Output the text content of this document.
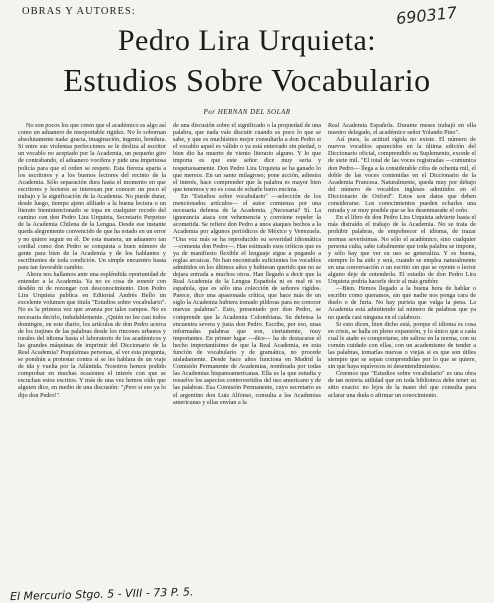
OBRAS Y AUTORES:	690317
Pedro Lira Urquieta:
Estudios Sobre Vocabulario
Por HERNAN DEL SOLAR

No son pocos los que creen que el académico es algo así como un aduanero de insoportable rigidez. No lo sobornan absolutamente nada: gracia, imaginación, ingenio, hondura. Si entre sus violentas perfecciones se le desliza al escritor un vocablo no aceptado por la Academia, un pequeño giro de contrabando, el aduanero vocifera y pide una impetuosa policía para que el orden se respete. Esta fiereza aparta a los escritores y a los buenos lectores del recinto de la Academia. Sólo separación dura hasta el momento en que escritores y lectores se interesan por conocer un poco el trabajo y la significación de la Academia. No puede durar, desde luego, tiempo ajeno afiliado a la buena lectura o un literato bienintencionado se topa en cualquier recodo del camino con don Pedro Lira Urquieta, Secretario Perpetuo de la Academia Chilena de la Lengua. Desde ese instante queda alegremente convencido de que ha estado en un error y no quiere seguir en él. De esta manera, un aduanero tan cordial como don Pedro se conquista a buen número de gente para bien de la Academia y de los hablantes y escribientes de toda condición. Un simple encuentro basta para tan favorable cambio.

Ahora nos hallamos ante una espléndida oportunidad de entender a la Academia. Ya no es cosa de sonreír con desdén ni de rezongar con desconocimiento. Don Pedro Lira Urquieta publica en Editorial Andrés Bello un excelente volumen que titula "Estudios sobre vocabulario". No es la primera vez que avanza por tales campos. No es necesaria decirlo, indudablemente. ¿Quién no lee casi todos domingos, en este diario, los artículos de don Pedro acerca de los trajines de las palabras desde los rincones urbanos y rurales del idioma hasta el laboratorio de los académicos y las grandes máquinas de imprimir del Diccionario de la Real Academia? Poquísimas personas, al ver esta pregunta, se pondrán a protestar contra sí se les hablara de un viaje de ida y vuelta por la Atlántida. Nosotros hemos podido comprobar en muchas ocasiones el interés con que se escuchan estos escritos. Y más de una vez hemos oído que alguien dice, en medio de una discusión: "¡Pero si eso ya lo dijo don Pedro!".

de una discusión sobre el significado o la propiedad de una palabra, que nada vale discutir cuando es poco lo que se sabe, y que es muchísimo mejor consultarla a don Pedro si el vocablo aquel es válido o ya está enterrado sin piedad, o bien dio ha muerto de viento literario alguno. Y lo que importa es que este señor dice muy seria y respetuosamente. Don Pedro Lira Urquieta se ha ganado lo que merece. En un santo milagroso; pone acción, adiestra el interés, hace comprender que la palabra es mayor bien que tenemos y no es cosa de echarle barro encima.

En "Estudios sobre vocabulario" —selección de los mencionados artículos— el autor comienza por una necesaria defensa de la Academia. ¿Necesaria? Sí. La ignorancia ataca con vehemencia y conviene repeler la acometida. Se refiere don Pedro a unos ataques hechos a la Academia por algunos periódicos de México y Venezuela. "Una voz más se ha reproducido su severidad idiomática —comenta don Pedro—. Han estimado esos críticos que es ya de manifiesto flexible el lenguaje sigue a pegando a reglas arcaicas. No han encontrado suficientes los vocablos admitidos en los últimos años y hubieran querido que no se dejara entrada a muchos otros. Han llegado a decir que la Real Academia de la Lengua Española ni es real ni es española, que es sólo una colección de señores rígidos. Parece, dice una apasionada crítica, que hace más de un siglo la Academia hubiera tomado pildoras para no conocer nuevas palabras". Esto, presentado por don Pedro, se comprende que la Academia Colombiana. Su defensa la encuentra severa y justa don Pedro. Escribe, por eso, unas informadas palabras que son, ciertamente, muy importantes. En primer lugar —dice— ha de destacarse el hecho importantísimo de que la Real Academia, en esta función de vocabulario y de gramática, no procede aisladamente. Desde hace años funciona en Madrid la Comisión Permanente de Academias, nombrada por todas las Academias hispanoamericanas. Ella es la que estudia y resuelve los aspectos controvertidos del uso americano y de las palabras. Esa Comisión Permanente, cuyo secretario es el argentino don Luis Alfonso, consulta a las Academias americanas y ellas envían a la

Real Academia Española. Durante meses trabajó en ella nuestro delegado, el académico señor Yolando Pino".

Así pues, la actitud rígida no existe. El número de nuevos vocablos aparecidos en la última edición del Diccionario oficial, comprendido su Suplemento, excede el de siete mil. "El total de las voces registradas —comunica don Pedro— llega a la considerable cifra de ochenta mil, el doble de las voces contenidas en el Diccionario de la Academia Francesa. Naturalmente, queda muy por debajo del número de vocablos ingleses admitidos en el Diccionario de Oxford". Estos son datos que deben considerarse. Los conocimientos pueden echarles una mirada y se muy posible que se les desenmarañe el ceño.

En el libro de don Pedro Lira Urquieta advierte hasta el más distraído el trabajo de la Academia. No se trata de prohibir palabras, de empobrecer el idioma, de trazar normas severísimas. No sólo el académico, sino cualquier persona culta, sabe cabalmente que toda palabra se impone, y sólo hay que ver su uso se generaliza. Y es buena, siempre lo ha sido y será, cuando se emplea naturalmente en una conversación o un escrito sin que se oyente o lector alguno deje de entenderla. El estudio de don Pedro Lira Urquieta podría hacerle decir al más gruñón:

—Bien. Hemos llegado a la buena hora de hablar o escribir como queramos, sin que nadie nos ponga cara de duelo o de furia. No hay purista que valga la pena. La Academia está admitiendo tal número de palabras que ya no queda casi ninguna en el calabozo.

Si esto dicen, bien dicho está, porque el idioma es cosa en crisis, se halla en pleno expansión, y lo único que a cada cual le atañe es comportarse, sin salirse en la norma, con su común cuidado con ellas, con un academismo de tender a las palabras, tomarlas nuevas o viejas si es que son útiles siempre que se sepan comprendidas por lo que se quiere, sin que haya equívocos ni desentendimientos.

Creemos que "Estudios sobre vocabulario" es una obra de tan notoria utilidad que en toda biblioteca debe tener su sitio exacto: no lejos de la mano del que consulta para aclarar una duda o afirmar un conocimiento.

El Mercurio Stgo. 5 - VIII - 73 P. 5.
